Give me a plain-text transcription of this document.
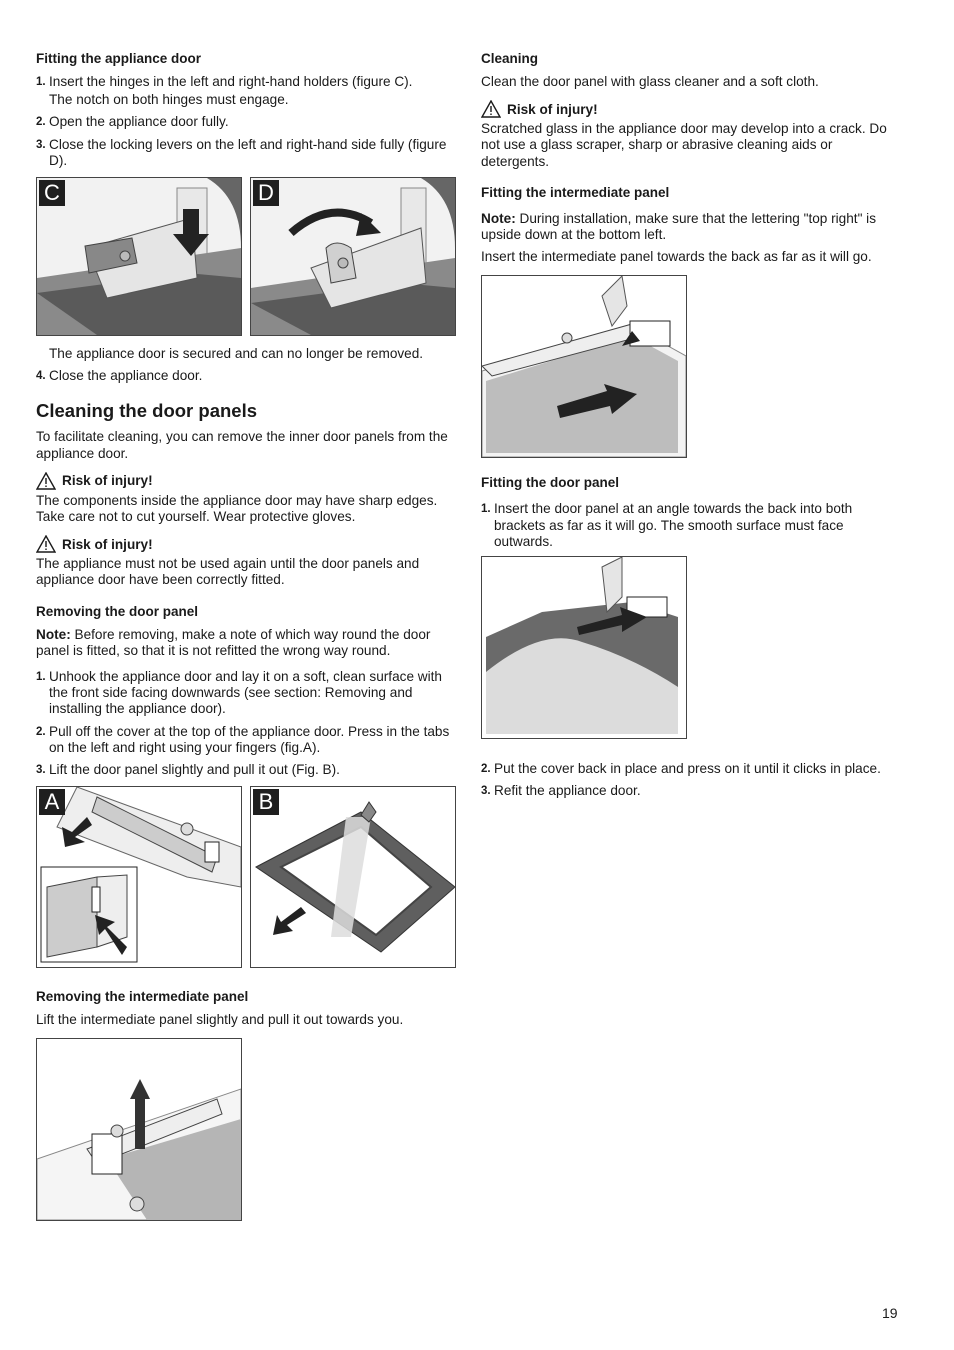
Fitting the appliance door
1. Insert the hinges in the left and right-hand holders (figure C).

The notch on both hinges must engage.

2. Open the appliance door fully.
3. Close the locking levers on the left and right-hand side fully (figure D).
C	D

The appliance door is secured and can no longer be removed.

4. Close the appliance door.
Cleaning the door panels

To facilitate cleaning, you can remove the inner door panels from the appliance door.

Risk of injury!

The components inside the appliance door may have sharp edges. Take care not to cut yourself. Wear protective gloves.

Risk of injury!

The appliance must not be used again until the door panels and appliance door have been correctly fitted.

Removing the door panel

Note: Before removing, make a note of which way round the door panel is fitted, so that it is not refitted the wrong way round.

1. Unhook the appliance door and lay it on a soft, clean surface with the front side facing downwards (see section: Removing and installing the appliance door).
2. Pull off the cover at the top of the appliance door. Press in the tabs on the left and right using your fingers (fig.A).
3. Lift the door panel slightly and pull it out (Fig. B).
A	B
Removing the intermediate panel

Lift the intermediate panel slightly and pull it out towards you.

Cleaning

Clean the door panel with glass cleaner and a soft cloth.

Risk of injury!

Scratched glass in the appliance door may develop into a crack. Do not use a glass scraper, sharp or abrasive cleaning aids or detergents.

Fitting the intermediate panel

Note: During installation, make sure that the lettering "top right" is upside down at the bottom left.

Insert the intermediate panel towards the back as far as it will go.

Fitting the door panel
1. Insert the door panel at an angle towards the back into both brackets as far as it will go. The smooth surface must face outwards.
2. Put the cover back in place and press on it until it clicks in place.
3. Refit the appliance door.
19
